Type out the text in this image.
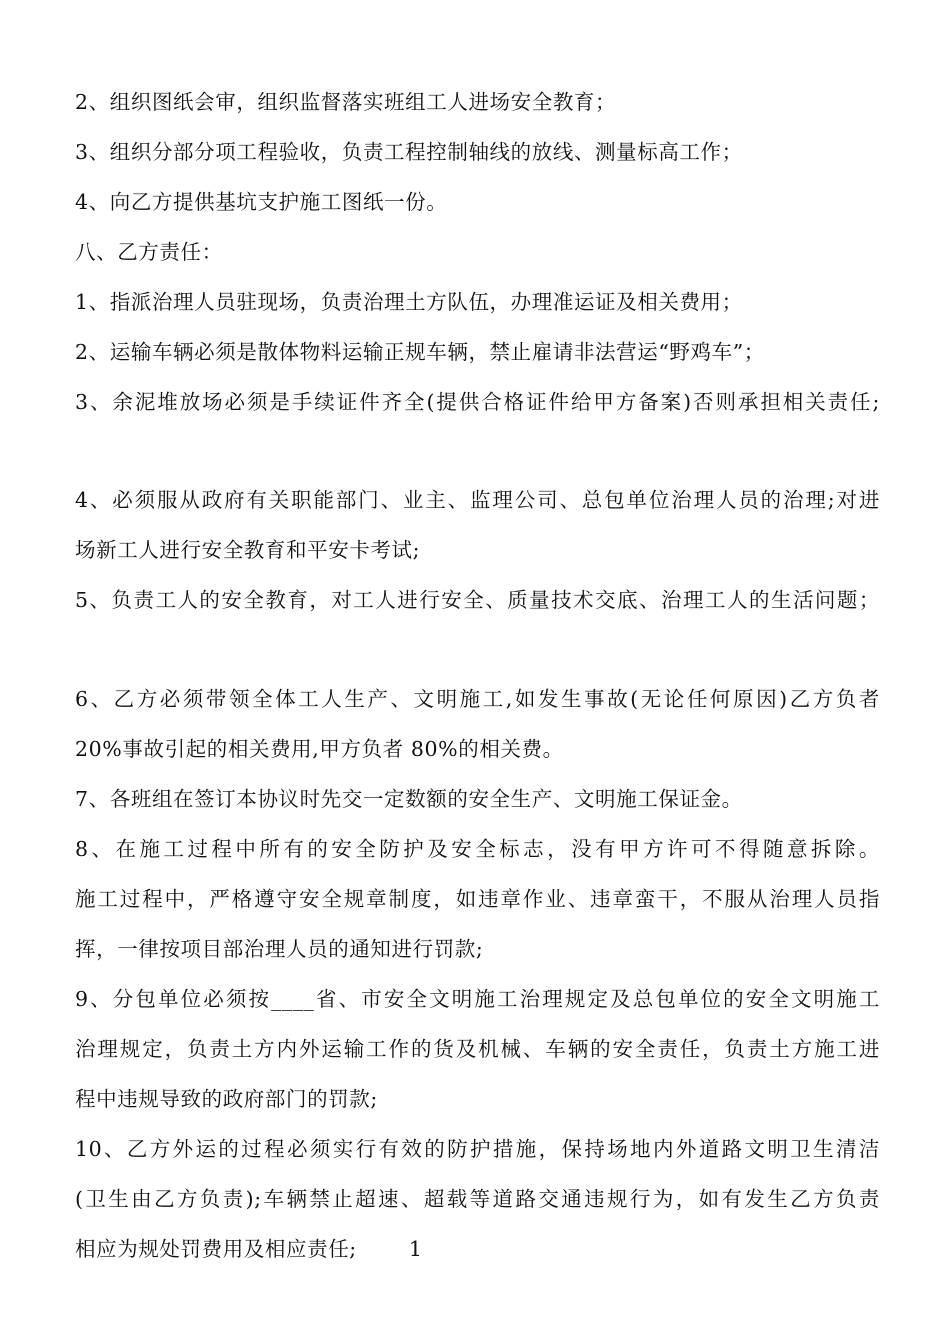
2、组织图纸会审，组织监督落实班组工人进场安全教育；
3、组织分部分项工程验收，负责工程控制轴线的放线、测量标高工作；
4、向乙方提供基坑支护施工图纸一份。
八、乙方责任：
1、指派治理人员驻现场，负责治理土方队伍，办理准运证及相关费用；
2、运输车辆必须是散体物料运输正规车辆，禁止雇请非法营运“野鸡车”；
3、余泥堆放场必须是手续证件齐全(提供合格证件给甲方备案)否则承担相关责任;
4、必须服从政府有关职能部门、业主、监理公司、总包单位治理人员的治理;对进
场新工人进行安全教育和平安卡考试;
5、负责工人的安全教育，对工人进行安全、质量技术交底、治理工人的生活问题；
6、乙方必须带领全体工人生产、文明施工,如发生事故(无论任何原因)乙方负者
20%事故引起的相关费用,甲方负者 80%的相关费。
7、各班组在签订本协议时先交一定数额的安全生产、文明施工保证金。
8、在施工过程中所有的安全防护及安全标志，没有甲方许可不得随意拆除。
施工过程中，严格遵守安全规章制度，如违章作业、违章蛮干，不服从治理人员指
挥，一律按项目部治理人员的通知进行罚款;
9、分包单位必须按____省、市安全文明施工治理规定及总包单位的安全文明施工
治理规定，负责土方内外运输工作的货及机械、车辆的安全责任，负责土方施工进
程中违规导致的政府部门的罚款;
10、乙方外运的过程必须实行有效的防护措施，保持场地内外道路文明卫生清洁
(卫生由乙方负责);车辆禁止超速、超载等道路交通违规行为，如有发生乙方负责
相应为规处罚费用及相应责任;	1
